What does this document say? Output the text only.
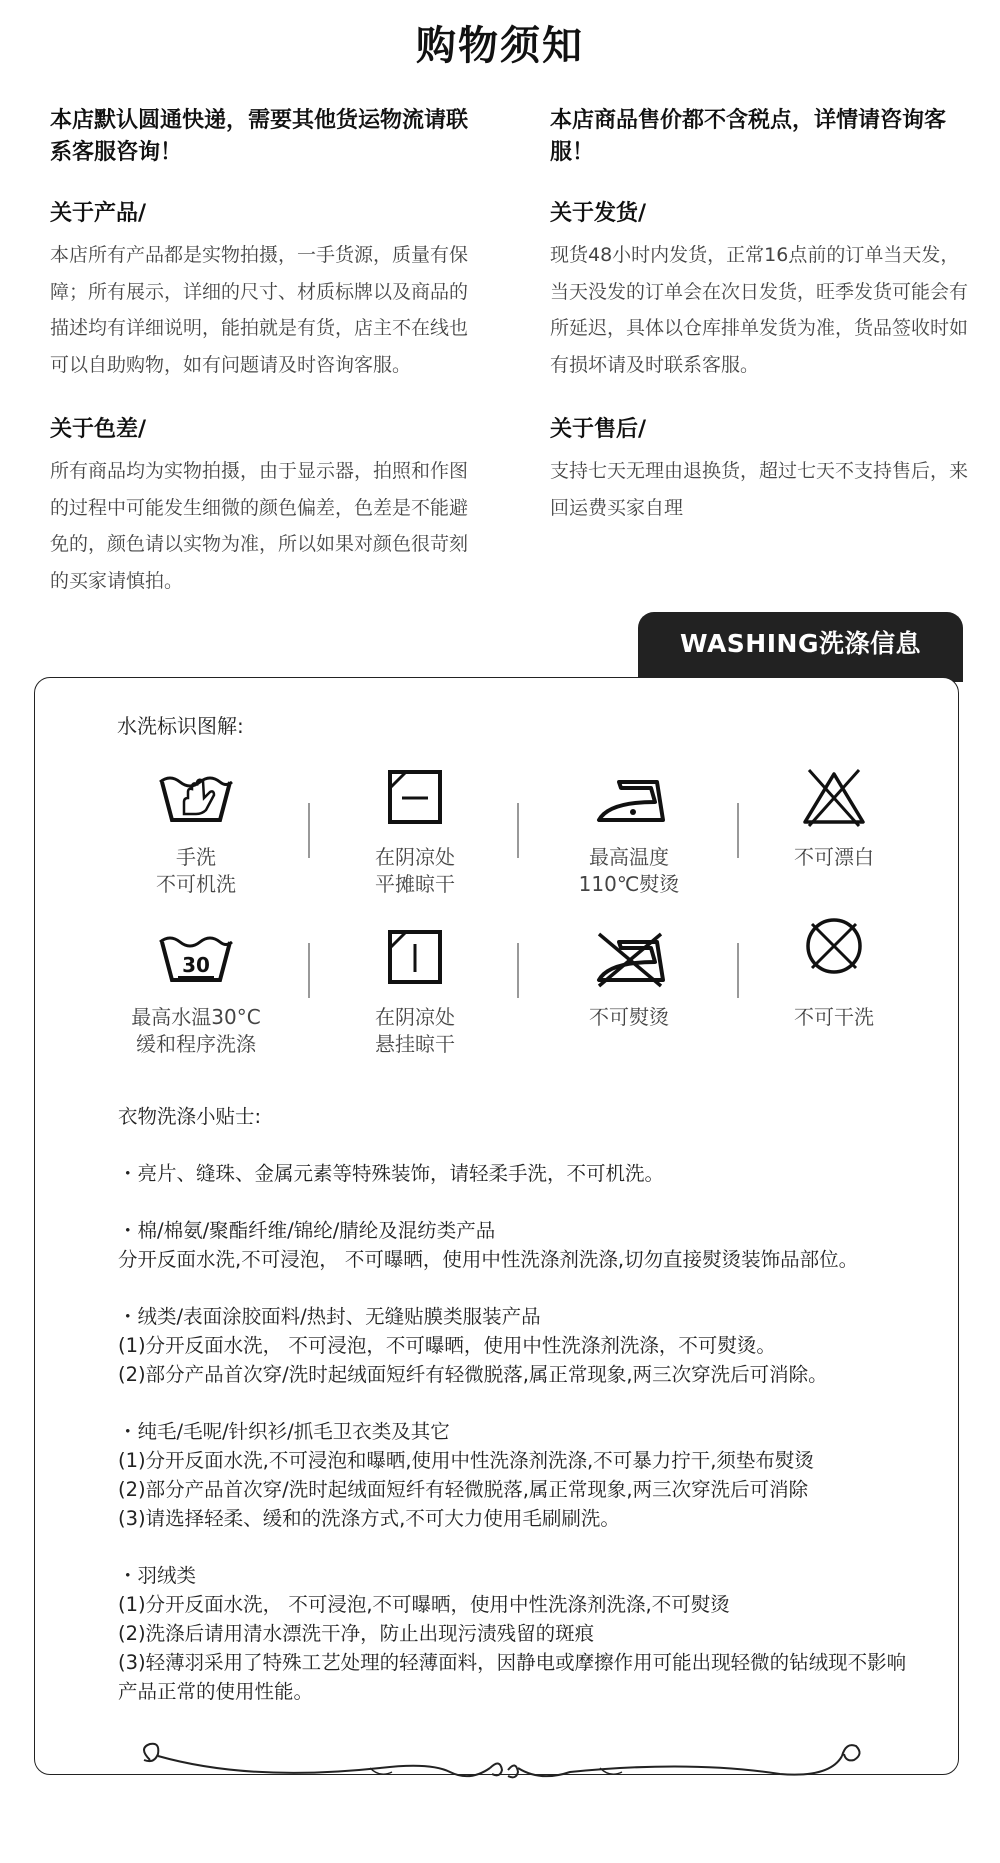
购物须知
本店默认圆通快递，需要其他货运物流请联系客服咨询！
关于产品/
本店所有产品都是实物拍摄，一手货源，质量有保障；所有展示，详细的尺寸、材质标牌以及商品的描述均有详细说明，能拍就是有货，店主不在线也可以自助购物，如有问题请及时咨询客服。
关于色差/
所有商品均为实物拍摄，由于显示器，拍照和作图的过程中可能发生细微的颜色偏差，色差是不能避免的，颜色请以实物为准，所以如果对颜色很苛刻的买家请慎拍。
本店商品售价都不含税点，详情请咨询客服！
关于发货/
现货48小时内发货，正常16点前的订单当天发，当天没发的订单会在次日发货，旺季发货可能会有所延迟，具体以仓库排单发货为准，货品签收时如有损坏请及时联系客服。
关于售后/
支持七天无理由退换货，超过七天不支持售后，来回运费买家自理
WASHING洗涤信息
水洗标识图解:
手洗
不可机洗
在阴凉处
平摊晾干
最高温度
110℃熨烫
不可漂白
30
最高水温30°C
缓和程序洗涤
在阴凉处
悬挂晾干
不可熨烫	不可干洗
衣物洗涤小贴士:
・亮片、缝珠、金属元素等特殊装饰，请轻柔手洗，不可机洗。
・棉/棉氨/聚酯纤维/锦纶/腈纶及混纺类产品
分开反面水洗,不可浸泡， 不可曝晒，使用中性洗涤剂洗涤,切勿直接熨烫装饰品部位。
・绒类/表面涂胶面料/热封、无缝贴膜类服装产品
(1)分开反面水洗， 不可浸泡，不可曝晒，使用中性洗涤剂洗涤，不可熨烫。
(2)部分产品首次穿/洗时起绒面短纤有轻微脱落,属正常现象,两三次穿洗后可消除。
・纯毛/毛呢/针织衫/抓毛卫衣类及其它
(1)分开反面水洗,不可浸泡和曝晒,使用中性洗涤剂洗涤,不可暴力拧干,须垫布熨烫
(2)部分产品首次穿/洗时起绒面短纤有轻微脱落,属正常现象,两三次穿洗后可消除
(3)请选择轻柔、缓和的洗涤方式,不可大力使用毛刷刷洗。
・羽绒类
(1)分开反面水洗， 不可浸泡,不可曝晒，使用中性洗涤剂洗涤,不可熨烫
(2)洗涤后请用清水漂洗干净，防止出现污渍残留的斑痕
(3)轻薄羽采用了特殊工艺处理的轻薄面料，因静电或摩擦作用可能出现轻微的钻绒现不影响产品正常的使用性能。
